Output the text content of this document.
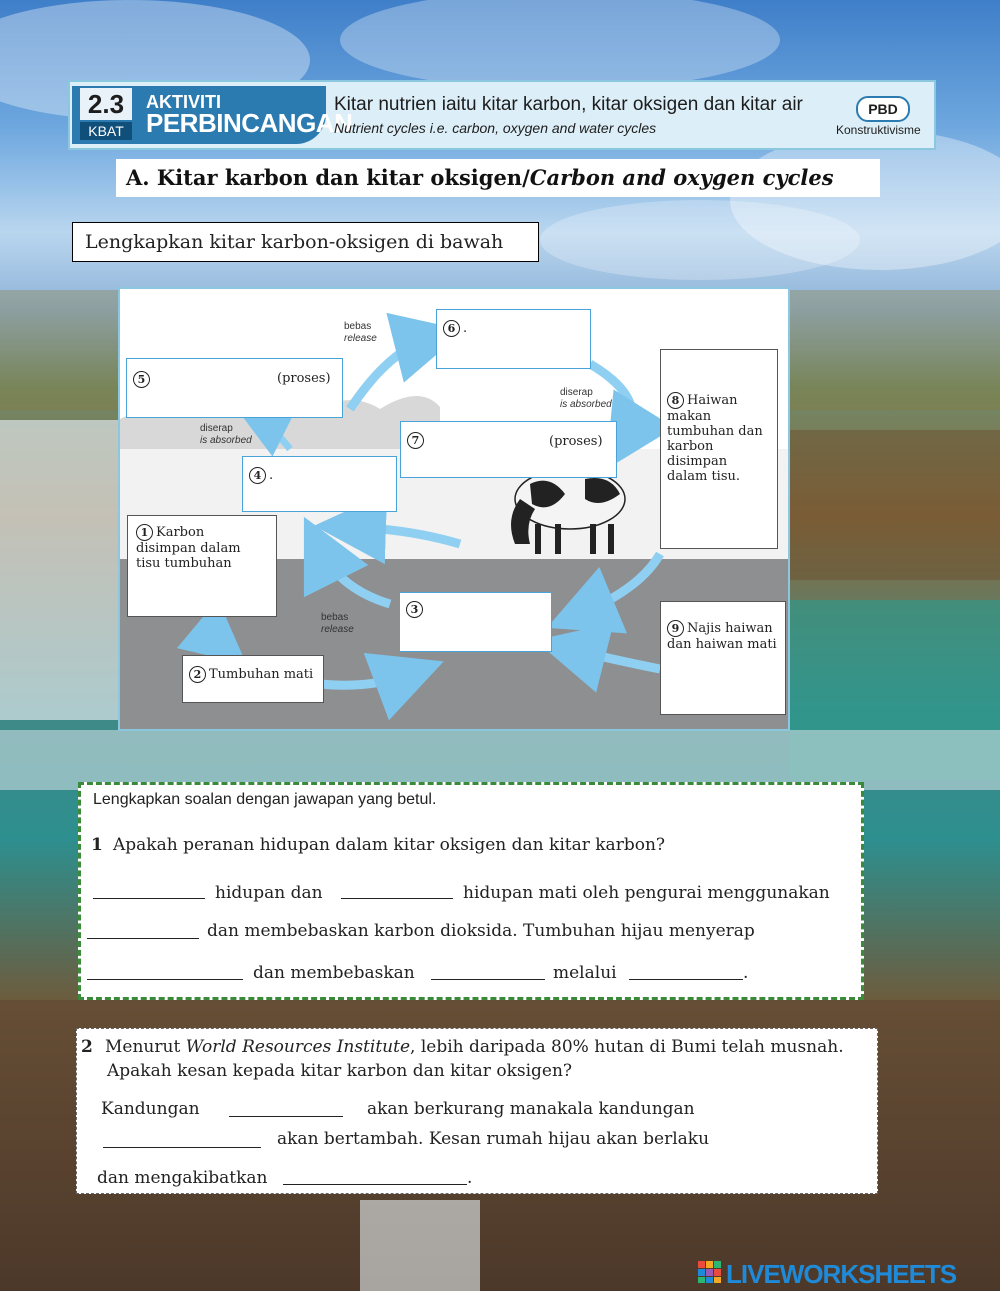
2.3
KBAT
AKTIVITI
PERBINCANGAN
Kitar nutrien iaitu kitar karbon, kitar oksigen dan kitar air
Nutrient cycles i.e. carbon, oxygen and water cycles
PBD
Konstruktivisme
A. Kitar karbon dan kitar oksigen/Carbon and oxygen cycles
Lengkapkan kitar karbon-oksigen di bawah
1 Karbon disimpan dalam tisu tumbuhan
2 Tumbuhan mati
3
4 .
5	(proses)
6 .
7	(proses)
8 Haiwan makan tumbuhan dan karbon disimpan dalam tisu.
9 Najis haiwan dan haiwan mati
bebas
release
bebas
release
diserap
is absorbed
diserap
is absorbed
Lengkapkan soalan dengan jawapan yang betul.
1 Apakah peranan hidupan dalam kitar oksigen dan kitar karbon?
hidupan dan	hidupan mati oleh pengurai menggunakan
dan membebaskan karbon dioksida. Tumbuhan hijau menyerap
dan membebaskan	melalui	.
2 Menurut World Resources Institute, lebih daripada 80% hutan di Bumi telah musnah.
Apakah kesan kepada kitar karbon dan kitar oksigen?
Kandungan	akan berkurang manakala kandungan
akan bertambah. Kesan rumah hijau akan berlaku
dan mengakibatkan	.
LIVEWORKSHEETS
